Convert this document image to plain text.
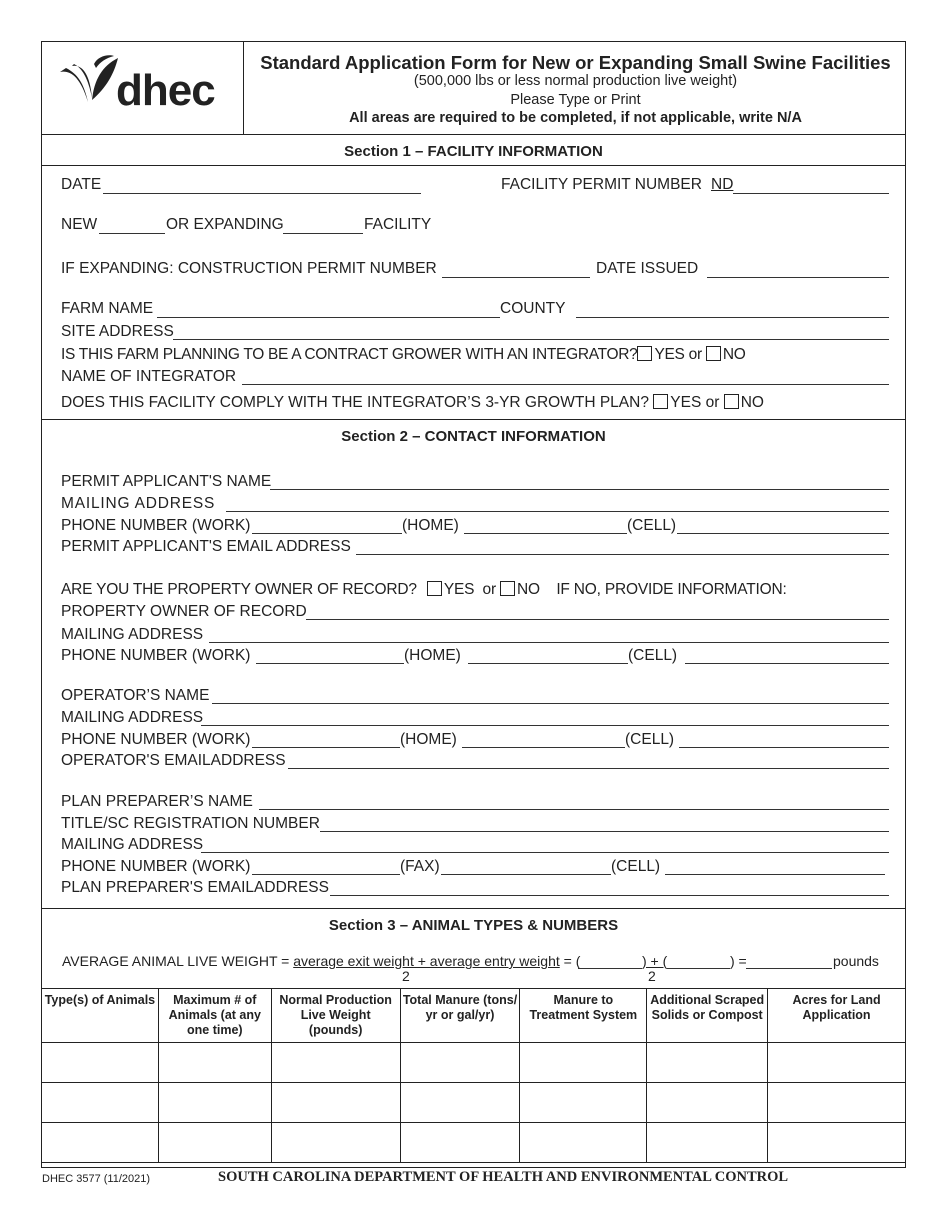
dhec
Standard Application Form for New or Expanding Small Swine Facilities
(500,000 lbs or less normal production live weight)
Please Type or Print
All areas are required to be completed, if not applicable, write N/A
Section 1 – FACILITY INFORMATION
DATE	FACILITY PERMIT NUMBER ND
NEW	OR EXPANDING	FACILITY
IF EXPANDING: CONSTRUCTION PERMIT NUMBER	DATE ISSUED
FARM NAME	COUNTY
SITE ADDRESS
IS THIS FARM PLANNING TO BE A CONTRACT GROWER WITH AN INTEGRATOR? YES or NO
NAME OF INTEGRATOR
DOES THIS FACILITY COMPLY WITH THE INTEGRATOR’S 3-YR GROWTH PLAN? YES or NO
Section 2 – CONTACT INFORMATION
PERMIT APPLICANT'S NAME
MAILING ADDRESS
PHONE NUMBER (WORK)	(HOME)	(CELL)
PERMIT APPLICANT'S EMAIL ADDRESS
ARE YOU THE PROPERTY OWNER OF RECORD? YES or NO IF NO, PROVIDE INFORMATION:
PROPERTY OWNER OF RECORD
MAILING ADDRESS
PHONE NUMBER (WORK)	(HOME)	(CELL)
OPERATOR’S NAME
MAILING ADDRESS
PHONE NUMBER (WORK)	(HOME)	(CELL)
OPERATOR'S EMAILADDRESS
PLAN PREPARER’S NAME
TITLE/SC REGISTRATION NUMBER
MAILING ADDRESS
PHONE NUMBER (WORK)	(FAX)	(CELL)
PLAN PREPARER'S EMAILADDRESS
Section 3 – ANIMAL TYPES & NUMBERS
AVERAGE ANIMAL LIVE WEIGHT = average exit weight + average entry weight = (	) + (	) =	pounds
2	2
Type(s) of Animals	Maximum # of Animals (at any one time)	Normal Production Live Weight (pounds)	Total Manure (tons/ yr or gal/yr)	Manure to Treatment System	Additional Scraped Solids or Compost	Acres for Land Application

DHEC 3577 (11/2021)	SOUTH CAROLINA DEPARTMENT OF HEALTH AND ENVIRONMENTAL CONTROL
